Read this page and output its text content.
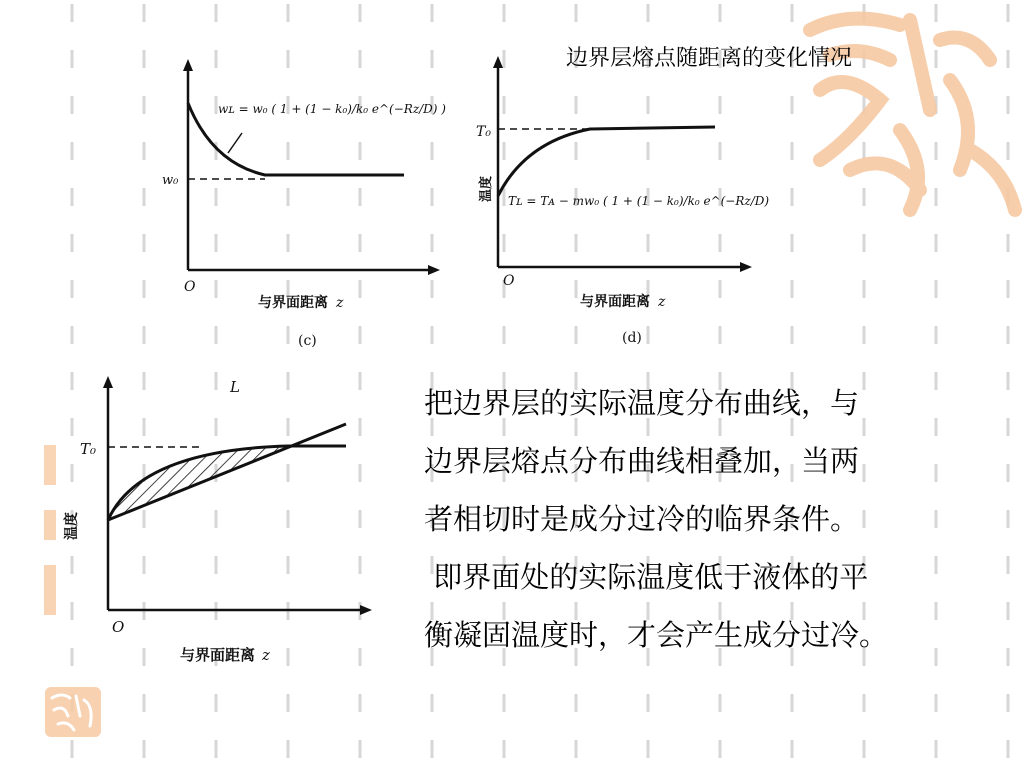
边界层熔点随距离的变化情况
w₀
wʟ = w₀ ( 1 + (1 − k₀)/k₀ e^(−Rz/D) )
O
与界面距离 z
(c)
T₀
温度 Tʟ = Tᴀ − mw₀ ( 1 + (1 − k₀)/k₀ e^(−Rz/D) )
O
与界面距离 z
(d)
L
T₀
温度
O
与界面距离 z
把边界层的实际温度分布曲线，与
边界层熔点分布曲线相叠加，当两
者相切时是成分过冷的临界条件。
即界面处的实际温度低于液体的平
衡凝固温度时，才会产生成分过冷。
